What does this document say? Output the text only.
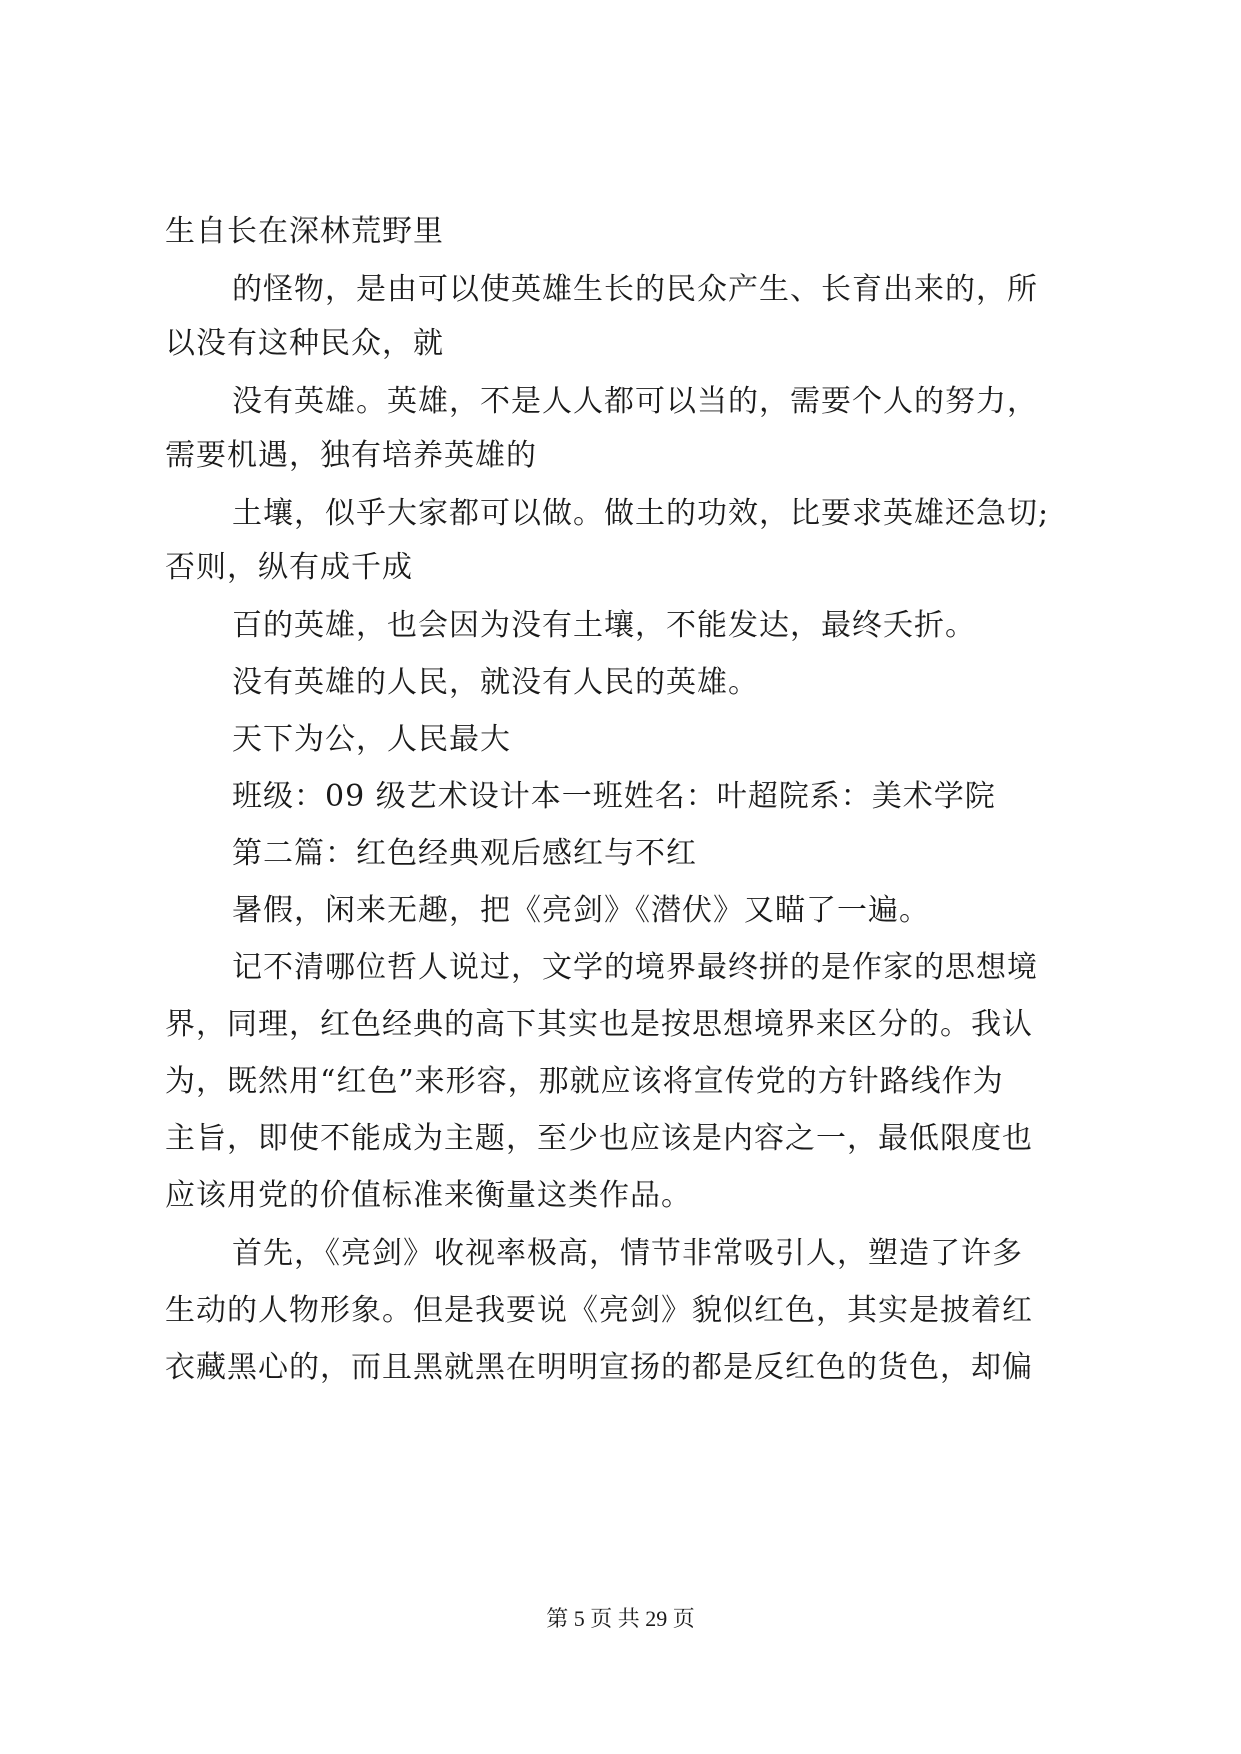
生自长在深林荒野里
的怪物，是由可以使英雄生长的民众产生、长育出来的，所
以没有这种民众，就
没有英雄。英雄，不是人人都可以当的，需要个人的努力，
需要机遇，独有培养英雄的
土壤，似乎大家都可以做。做土的功效，比要求英雄还急切;
否则，纵有成千成
百的英雄，也会因为没有土壤，不能发达，最终夭折。
没有英雄的人民，就没有人民的英雄。
天下为公，人民最大
班级：09 级艺术设计本一班姓名：叶超院系：美术学院
第二篇：红色经典观后感红与不红
暑假，闲来无趣，把《亮剑》《潜伏》又瞄了一遍。
记不清哪位哲人说过，文学的境界最终拼的是作家的思想境
界，同理，红色经典的高下其实也是按思想境界来区分的。我认
为，既然用“红色”来形容，那就应该将宣传党的方针路线作为
主旨，即使不能成为主题，至少也应该是内容之一，最低限度也
应该用党的价值标准来衡量这类作品。
首先，《亮剑》收视率极高，情节非常吸引人，塑造了许多
生动的人物形象。但是我要说《亮剑》貌似红色，其实是披着红
衣藏黑心的，而且黑就黑在明明宣扬的都是反红色的货色，却偏
第 5 页 共 29 页
